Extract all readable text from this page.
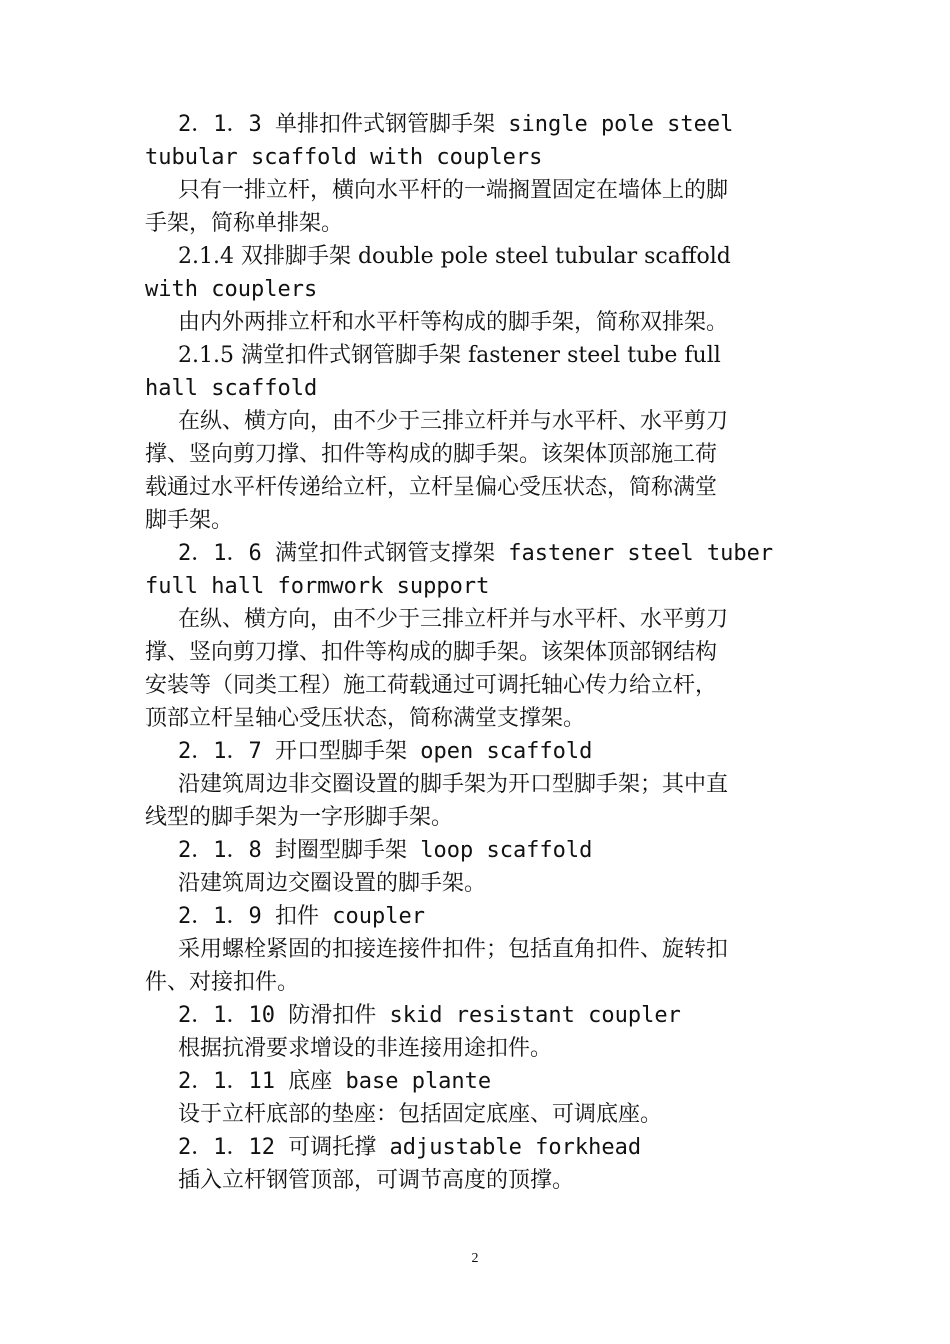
2．1．3 单排扣件式钢管脚手架 single pole steel
tubular scaffold with couplers
只有一排立杆，横向水平杆的一端搁置固定在墙体上的脚
手架，简称单排架。
2.1.4 双排脚手架 double pole steel tubular scaffold
with couplers
由内外两排立杆和水平杆等构成的脚手架，简称双排架。
2.1.5 满堂扣件式钢管脚手架 fastener steel tube full
hall scaffold
在纵、横方向，由不少于三排立杆并与水平杆、水平剪刀
撑、竖向剪刀撑、扣件等构成的脚手架。该架体顶部施工荷
载通过水平杆传递给立杆，立杆呈偏心受压状态，简称满堂
脚手架。
2．1．6 满堂扣件式钢管支撑架 fastener steel tuber
full hall formwork support
在纵、横方向，由不少于三排立杆并与水平杆、水平剪刀
撑、竖向剪刀撑、扣件等构成的脚手架。该架体顶部钢结构
安装等（同类工程）施工荷载通过可调托轴心传力给立杆，
顶部立杆呈轴心受压状态，简称满堂支撑架。
2．1．7 开口型脚手架 open scaffold
沿建筑周边非交圈设置的脚手架为开口型脚手架；其中直
线型的脚手架为一字形脚手架。
2．1．8 封圈型脚手架 loop scaffold
沿建筑周边交圈设置的脚手架。
2．1．9 扣件 coupler
采用螺栓紧固的扣接连接件扣件；包括直角扣件、旋转扣
件、对接扣件。
2．1．10 防滑扣件 skid resistant coupler
根据抗滑要求增设的非连接用途扣件。
2．1．11 底座 base plante
设于立杆底部的垫座：包括固定底座、可调底座。
2．1．12 可调托撑 adjustable forkhead
插入立杆钢管顶部，可调节高度的顶撑。
2
